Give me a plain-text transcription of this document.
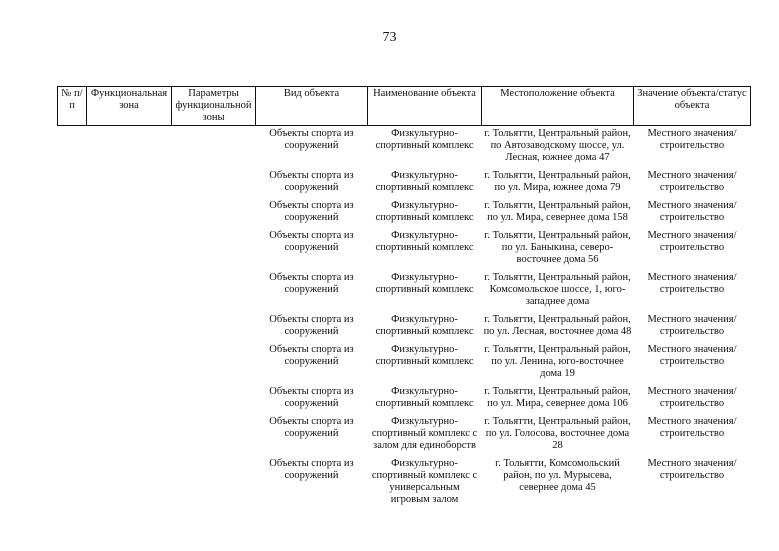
73
№ п/п	Функциональная зона	Параметры функциональной зоны	Вид объекта	Наименование объекта	Местоположение объекта	Значение объекта/статус объекта
			Объекты спорта из сооружений	Физкультурно-спортивный комплекс	г. Тольятти, Центральный район, по Автозаводскому шоссе, ул. Лесная, южнее дома 47	Местного значения/ строительство
			Объекты спорта из сооружений	Физкультурно-спортивный комплекс	г. Тольятти, Центральный район, по ул. Мира, южнее дома 79	Местного значения/ строительство
			Объекты спорта из сооружений	Физкультурно-спортивный комплекс	г. Тольятти, Центральный район, по ул. Мира, севернее дома 158	Местного значения/ строительство
			Объекты спорта из сооружений	Физкультурно-спортивный комплекс	г. Тольятти, Центральный район, по ул. Баныкина, северо-восточнее дома 56	Местного значения/ строительство
			Объекты спорта из сооружений	Физкультурно-спортивный комплекс	г. Тольятти, Центральный район, Комсомольское шоссе, 1, юго-западнее дома	Местного значения/ строительство
			Объекты спорта из сооружений	Физкультурно-спортивный комплекс	г. Тольятти, Центральный район, по ул. Лесная, восточнее дома 48	Местного значения/ строительство
			Объекты спорта из сооружений	Физкультурно-спортивный комплекс	г. Тольятти, Центральный район, по ул. Ленина, юго-восточнее дома 19	Местного значения/ строительство
			Объекты спорта из сооружений	Физкультурно-спортивный комплекс	г. Тольятти, Центральный район, по ул. Мира, севернее дома 106	Местного значения/ строительство
			Объекты спорта из сооружений	Физкультурно-спортивный комплекс с залом для единоборств	г. Тольятти, Центральный район, по ул. Голосова, восточнее дома 28	Местного значения/ строительство
			Объекты спорта из сооружений	Физкультурно-спортивный комплекс с универсальным игровым залом	г. Тольятти, Комсомольский район, по ул. Мурысева, севернее дома 45	Местного значения/ строительство
